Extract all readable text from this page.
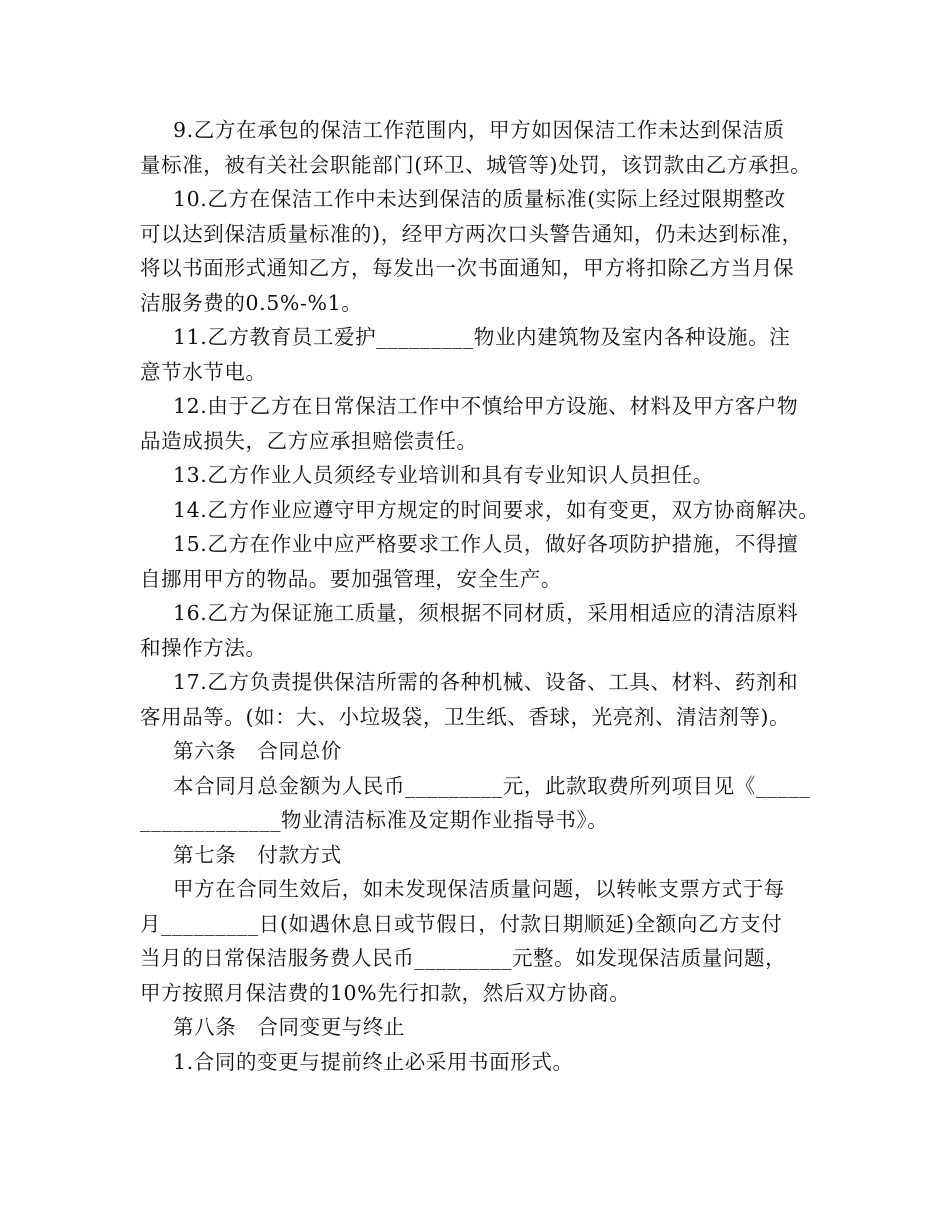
9.乙方在承包的保洁工作范围内，甲方如因保洁工作未达到保洁质
量标准，被有关社会职能部门(环卫、城管等)处罚，该罚款由乙方承担。
10.乙方在保洁工作中未达到保洁的质量标准(实际上经过限期整改
可以达到保洁质量标准的)，经甲方两次口头警告通知，仍未达到标准，
将以书面形式通知乙方，每发出一次书面通知，甲方将扣除乙方当月保
洁服务费的0.5%-%1。
11.乙方教育员工爱护_________物业内建筑物及室内各种设施。注
意节水节电。
12.由于乙方在日常保洁工作中不慎给甲方设施、材料及甲方客户物
品造成损失，乙方应承担赔偿责任。
13.乙方作业人员须经专业培训和具有专业知识人员担任。
14.乙方作业应遵守甲方规定的时间要求，如有变更，双方协商解决。
15.乙方在作业中应严格要求工作人员，做好各项防护措施，不得擅
自挪用甲方的物品。要加强管理，安全生产。
16.乙方为保证施工质量，须根据不同材质，采用相适应的清洁原料
和操作方法。
17.乙方负责提供保洁所需的各种机械、设备、工具、材料、药剂和
客用品等。(如：大、小垃圾袋，卫生纸、香球，光亮剂、清洁剂等)。
第六条　合同总价
本合同月总金额为人民币_________元，此款取费所列项目见《_____
_____________物业清洁标准及定期作业指导书》。
第七条　付款方式
甲方在合同生效后，如未发现保洁质量问题，以转帐支票方式于每
月_________日(如遇休息日或节假日，付款日期顺延)全额向乙方支付
当月的日常保洁服务费人民币_________元整。如发现保洁质量问题，
甲方按照月保洁费的10%先行扣款，然后双方协商。
第八条　合同变更与终止
1.合同的变更与提前终止必采用书面形式。
